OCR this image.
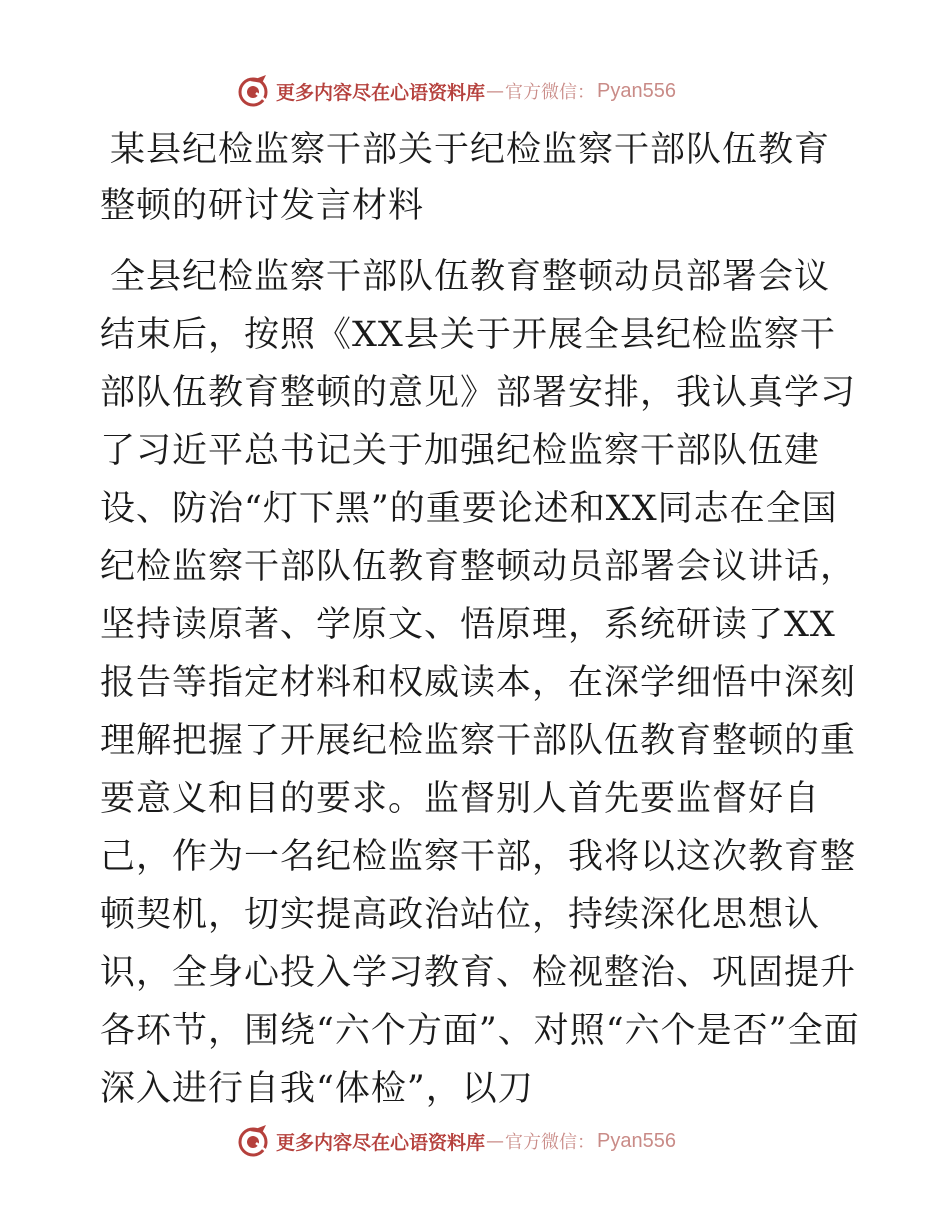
更多内容尽在心语资料库 — 官方微信： Pyan556
某县纪检监察干部关于纪检监察干部队伍教育整顿的研讨发言材料

全县纪检监察干部队伍教育整顿动员部署会议结束后，按照《XX县关于开展全县纪检监察干部队伍教育整顿的意见》部署安排，我认真学习了习近平总书记关于加强纪检监察干部队伍建设、防治“灯下黑”的重要论述和XX同志在全国纪检监察干部队伍教育整顿动员部署会议讲话，坚持读原著、学原文、悟原理，系统研读了XX报告等指定材料和权威读本，在深学细悟中深刻理解把握了开展纪检监察干部队伍教育整顿的重要意义和目的要求。监督别人首先要监督好自己，作为一名纪检监察干部，我将以这次教育整顿契机，切实提高政治站位，持续深化思想认识，全身心投入学习教育、检视整治、巩固提升各环节，围绕“六个方面”、对照“六个是否”全面深入进行自我“体检”，以刀

更多内容尽在心语资料库 — 官方微信： Pyan556
